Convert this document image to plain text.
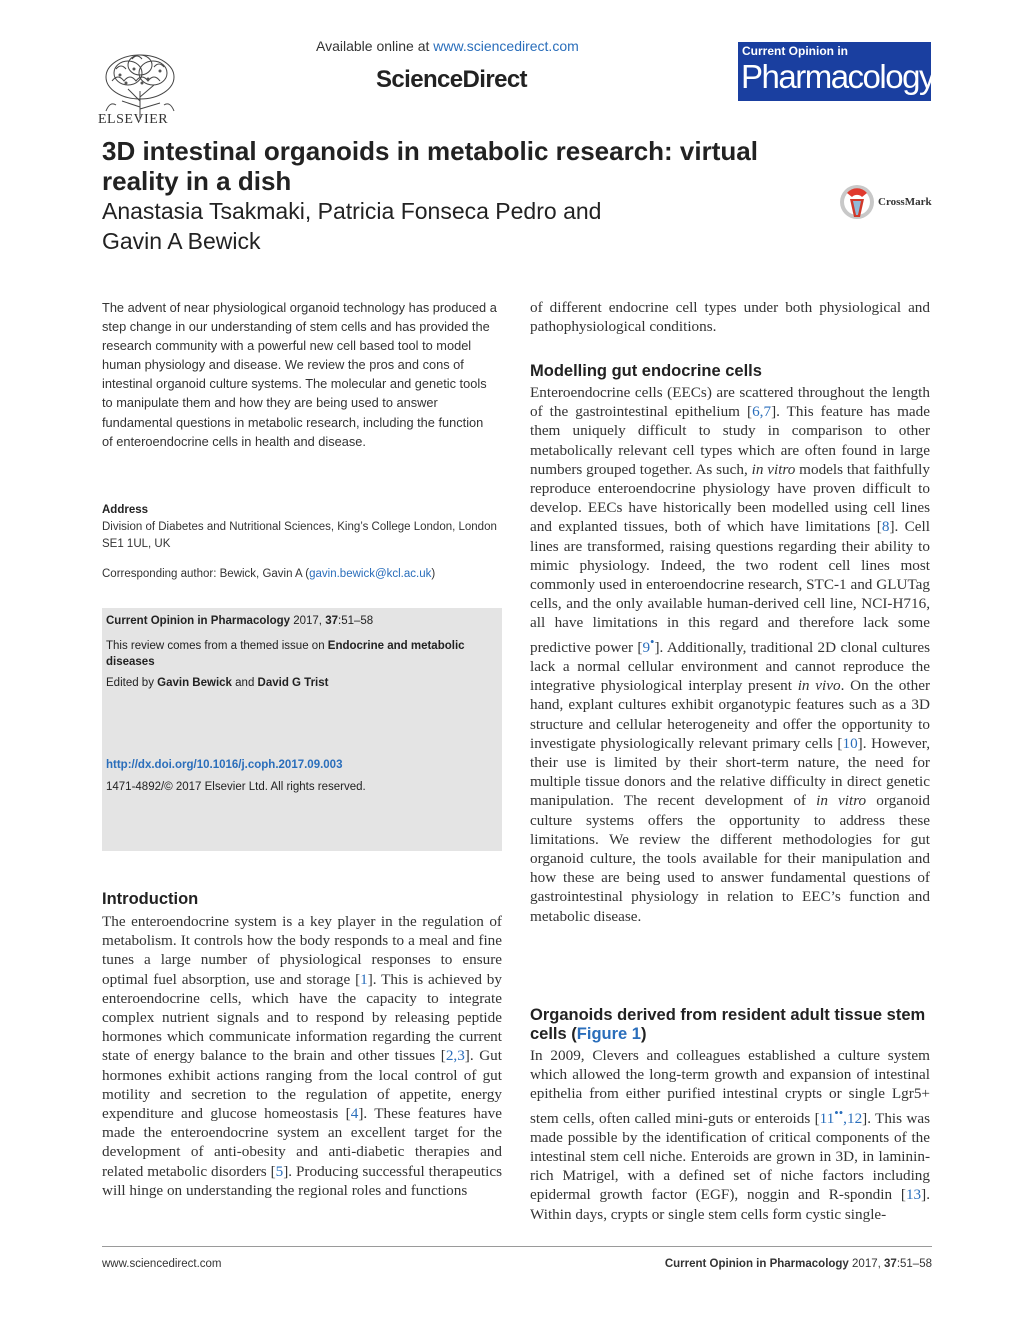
ELSEVIER
Available online at www.sciencedirect.com
ScienceDirect
Current Opinion in
Pharmacology
3D intestinal organoids in metabolic research: virtual reality in a dish
Anastasia Tsakmaki, Patricia Fonseca Pedro and
Gavin A Bewick
CrossMark

The advent of near physiological organoid technology has produced a step change in our understanding of stem cells and has provided the research community with a powerful new cell based tool to model human physiology and disease. We review the pros and cons of intestinal organoid culture systems. The molecular and genetic tools to manipulate them and how they are being used to answer fundamental questions in metabolic research, including the function of enteroendocrine cells in health and disease.

Address
Division of Diabetes and Nutritional Sciences, King’s College London, London SE1 1UL, UK
Corresponding author: Bewick, Gavin A (gavin.bewick@kcl.ac.uk)
Current Opinion in Pharmacology 2017, 37:51–58
This review comes from a themed issue on Endocrine and metabolic diseases
Edited by Gavin Bewick and David G Trist
http://dx.doi.org/10.1016/j.coph.2017.09.003
1471-4892/© 2017 Elsevier Ltd. All rights reserved.
Introduction

The enteroendocrine system is a key player in the regulation of metabolism. It controls how the body responds to a meal and fine tunes a large number of physiological responses to ensure optimal fuel absorption, use and storage [1]. This is achieved by enteroendocrine cells, which have the capacity to integrate complex nutrient signals and to respond by releasing peptide hormones which communicate information regarding the current state of energy balance to the brain and other tissues [2,3]. Gut hormones exhibit actions ranging from the local control of gut motility and secretion to the regulation of appetite, energy expenditure and glucose homeostasis [4]. These features have made the enteroendocrine system an excellent target for the development of anti-obesity and anti-diabetic therapies and related metabolic disorders [5]. Producing successful therapeutics will hinge on understanding the regional roles and functions

of different endocrine cell types under both physiological and pathophysiological conditions.

Modelling gut endocrine cells

Enteroendocrine cells (EECs) are scattered throughout the length of the gastrointestinal epithelium [6,7]. This feature has made them uniquely difficult to study in comparison to other metabolically relevant cell types which are often found in large numbers grouped together. As such, in vitro models that faithfully reproduce enteroendocrine physiology have proven difficult to develop. EECs have historically been modelled using cell lines and explanted tissues, both of which have limitations [8]. Cell lines are transformed, raising questions regarding their ability to mimic physiology. Indeed, the two rodent cell lines most commonly used in enteroendocrine research, STC-1 and GLUTag cells, and the only available human-derived cell line, NCI-H716, all have limitations in this regard and therefore lack some predictive power [9•]. Additionally, traditional 2D clonal cultures lack a normal cellular environment and cannot reproduce the integrative physiological interplay present in vivo. On the other hand, explant cultures exhibit organotypic features such as a 3D structure and cellular heterogeneity and offer the opportunity to investigate physiologically relevant primary cells [10]. However, their use is limited by their short-term nature, the need for multiple tissue donors and the relative difficulty in direct genetic manipulation. The recent development of in vitro organoid culture systems offers the opportunity to address these limitations. We review the different methodologies for gut organoid culture, the tools available for their manipulation and how these are being used to answer fundamental questions of gastrointestinal physiology in relation to EEC’s function and metabolic disease.

Organoids derived from resident adult tissue stem cells (Figure 1)

In 2009, Clevers and colleagues established a culture system which allowed the long-term growth and expansion of intestinal epithelia from either purified intestinal crypts or single Lgr5+ stem cells, often called mini-guts or enteroids [11••,12]. This was made possible by the identification of critical components of the intestinal stem cell niche. Enteroids are grown in 3D, in laminin-rich Matrigel, with a defined set of niche factors including epidermal growth factor (EGF), noggin and R-spondin [13]. Within days, crypts or single stem cells form cystic single-

www.sciencedirect.com	Current Opinion in Pharmacology 2017, 37:51–58
